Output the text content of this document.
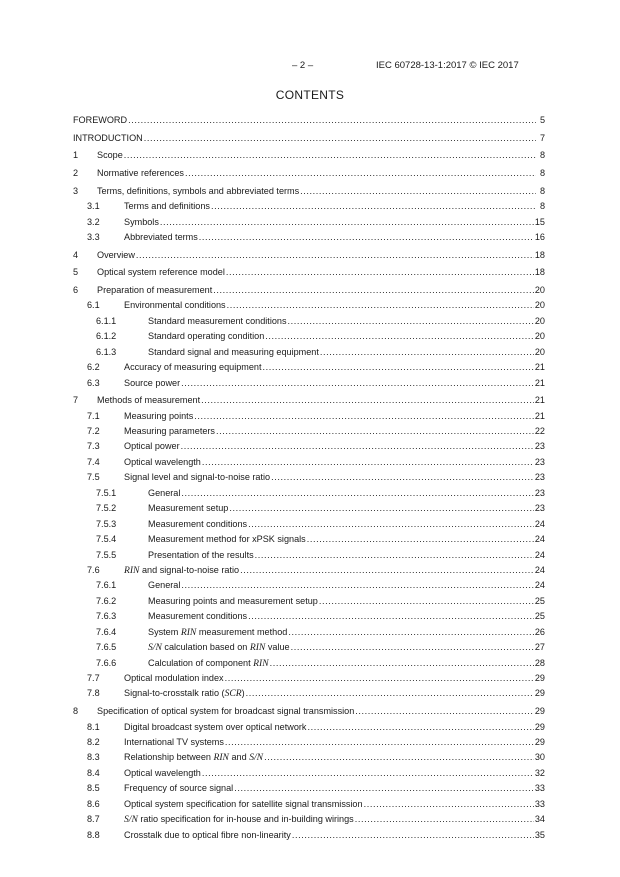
– 2 –	IEC 60728-13-1:2017 © IEC 2017
CONTENTS
FOREWORD .....	5
INTRODUCTION .....	7
1	Scope .....	8
2	Normative references .....	8
3	Terms, definitions, symbols and abbreviated terms .....	8
3.1	Terms and definitions .....	8
3.2	Symbols .....	15
3.3	Abbreviated terms .....	16
4	Overview .....	18
5	Optical system reference model .....	18
6	Preparation of measurement .....	20
6.1	Environmental conditions .....	20
6.1.1	Standard measurement conditions .....	20
6.1.2	Standard operating condition .....	20
6.1.3	Standard signal and measuring equipment .....	20
6.2	Accuracy of measuring equipment .....	21
6.3	Source power .....	21
7	Methods of measurement .....	21
7.1	Measuring points .....	21
7.2	Measuring parameters .....	22
7.3	Optical power .....	23
7.4	Optical wavelength .....	23
7.5	Signal level and signal-to-noise ratio .....	23
7.5.1	General .....	23
7.5.2	Measurement setup .....	23
7.5.3	Measurement conditions .....	24
7.5.4	Measurement method for xPSK signals .....	24
7.5.5	Presentation of the results .....	24
7.6	RIN and signal-to-noise ratio .....	24
7.6.1	General .....	24
7.6.2	Measuring points and measurement setup .....	25
7.6.3	Measurement conditions .....	25
7.6.4	System RIN measurement method .....	26
7.6.5	S/N calculation based on RIN value .....	27
7.6.6	Calculation of component RIN .....	28
7.7	Optical modulation index .....	29
7.8	Signal-to-crosstalk ratio (SCR) .....	29
8	Specification of optical system for broadcast signal transmission .....	29
8.1	Digital broadcast system over optical network .....	29
8.2	International TV systems .....	29
8.3	Relationship between RIN and S/N .....	30
8.4	Optical wavelength .....	32
8.5	Frequency of source signal .....	33
8.6	Optical system specification for satellite signal transmission .....	33
8.7	S/N ratio specification for in-house and in-building wirings .....	34
8.8	Crosstalk due to optical fibre non-linearity .....	35
